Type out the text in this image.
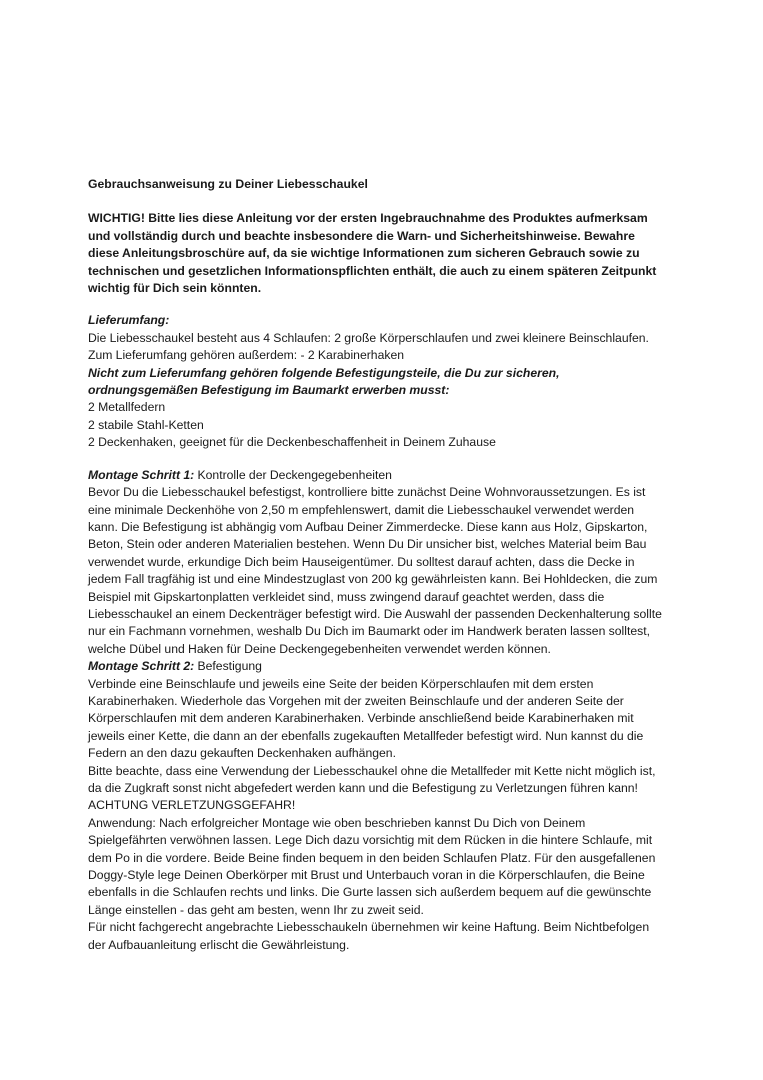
Gebrauchsanweisung zu Deiner Liebesschaukel

WICHTIG! Bitte lies diese Anleitung vor der ersten Ingebrauchnahme des Produktes aufmerksam und vollständig durch und beachte insbesondere die Warn- und Sicherheitshinweise. Bewahre diese Anleitungsbroschüre auf, da sie wichtige Informationen zum sicheren Gebrauch sowie zu technischen und gesetzlichen Informationspflichten enthält, die auch zu einem späteren Zeitpunkt wichtig für Dich sein könnten.

Lieferumfang:

Die Liebesschaukel besteht aus 4 Schlaufen: 2 große Körperschlaufen und zwei kleinere Beinschlaufen. Zum Lieferumfang gehören außerdem: - 2 Karabinerhaken

Nicht zum Lieferumfang gehören folgende Befestigungsteile, die Du zur sicheren, ordnungsgemäßen Befestigung im Baumarkt erwerben musst:

2 Metallfedern

2 stabile Stahl-Ketten

2 Deckenhaken, geeignet für die Deckenbeschaffenheit in Deinem Zuhause

Montage Schritt 1: Kontrolle der Deckengegebenheiten

Bevor Du die Liebesschaukel befestigst, kontrolliere bitte zunächst Deine Wohnvoraussetzungen. Es ist eine minimale Deckenhöhe von 2,50 m empfehlenswert, damit die Liebesschaukel verwendet werden kann. Die Befestigung ist abhängig vom Aufbau Deiner Zimmerdecke. Diese kann aus Holz, Gipskarton, Beton, Stein oder anderen Materialien bestehen. Wenn Du Dir unsicher bist, welches Material beim Bau verwendet wurde, erkundige Dich beim Hauseigentümer. Du solltest darauf achten, dass die Decke in jedem Fall tragfähig ist und eine Mindestzuglast von 200 kg gewährleisten kann. Bei Hohldecken, die zum Beispiel mit Gipskartonplatten verkleidet sind, muss zwingend darauf geachtet werden, dass die Liebesschaukel an einem Deckenträger befestigt wird. Die Auswahl der passenden Deckenhalterung sollte nur ein Fachmann vornehmen, weshalb Du Dich im Baumarkt oder im Handwerk beraten lassen solltest, welche Dübel und Haken für Deine Deckengegebenheiten verwendet werden können.

Montage Schritt 2: Befestigung

Verbinde eine Beinschlaufe und jeweils eine Seite der beiden Körperschlaufen mit dem ersten Karabinerhaken. Wiederhole das Vorgehen mit der zweiten Beinschlaufe und der anderen Seite der Körperschlaufen mit dem anderen Karabinerhaken. Verbinde anschließend beide Karabinerhaken mit jeweils einer Kette, die dann an der ebenfalls zugekauften Metallfeder befestigt wird. Nun kannst du die Federn an den dazu gekauften Deckenhaken aufhängen.

Bitte beachte, dass eine Verwendung der Liebesschaukel ohne die Metallfeder mit Kette nicht möglich ist, da die Zugkraft sonst nicht abgefedert werden kann und die Befestigung zu Verletzungen führen kann! ACHTUNG VERLETZUNGSGEFAHR!

Anwendung: Nach erfolgreicher Montage wie oben beschrieben kannst Du Dich von Deinem Spielgefährten verwöhnen lassen. Lege Dich dazu vorsichtig mit dem Rücken in die hintere Schlaufe, mit dem Po in die vordere. Beide Beine finden bequem in den beiden Schlaufen Platz. Für den ausgefallenen Doggy-Style lege Deinen Oberkörper mit Brust und Unterbauch voran in die Körperschlaufen, die Beine ebenfalls in die Schlaufen rechts und links. Die Gurte lassen sich außerdem bequem auf die gewünschte Länge einstellen - das geht am besten, wenn Ihr zu zweit seid.

Für nicht fachgerecht angebrachte Liebesschaukeln übernehmen wir keine Haftung. Beim Nichtbefolgen der Aufbauanleitung erlischt die Gewährleistung.
